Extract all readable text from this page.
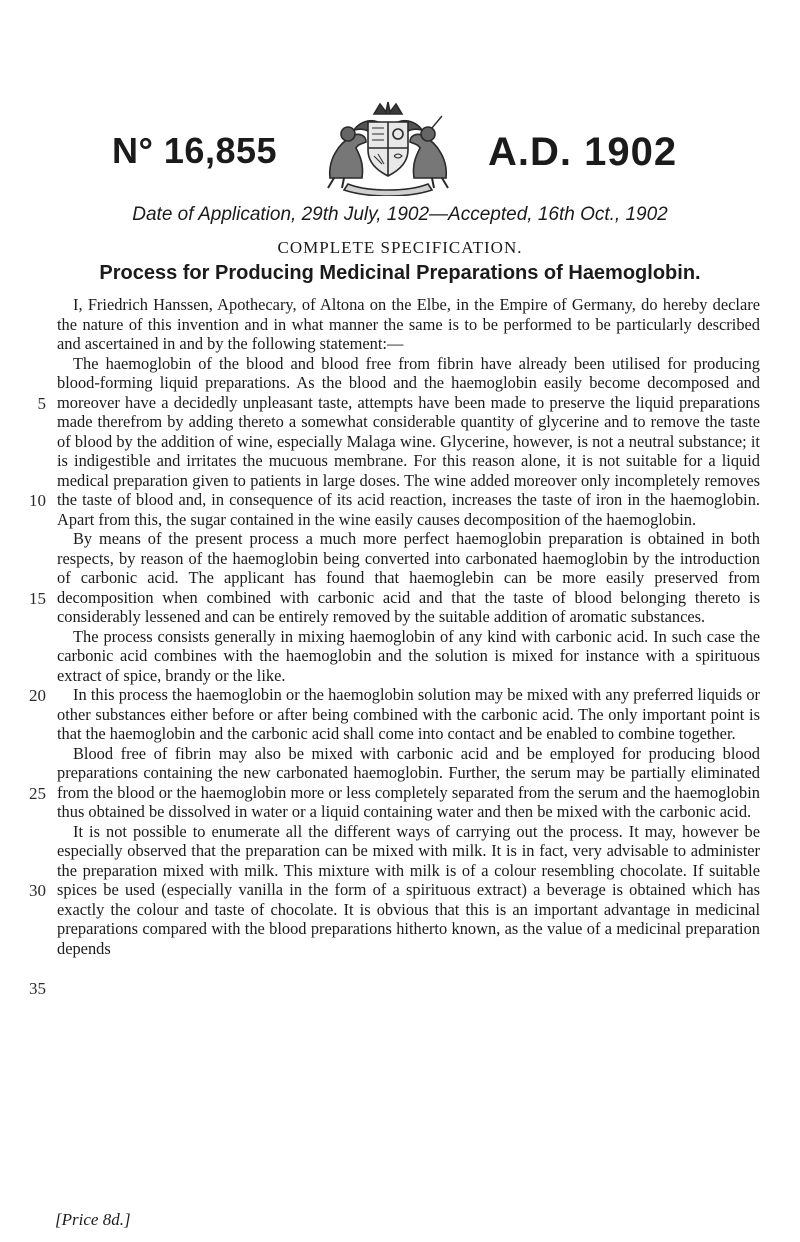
N° 16,855	A.D. 1902
Date of Application, 29th July, 1902—Accepted, 16th Oct., 1902
COMPLETE SPECIFICATION.
Process for Producing Medicinal Preparations of Haemoglobin.
5
10
15
20
25
30
35

I, Friedrich Hanssen, Apothecary, of Altona on the Elbe, in the Empire of Germany, do hereby declare the nature of this invention and in what manner the same is to be performed to be particularly described and ascertained in and by the following statement:—

The haemoglobin of the blood and blood free from fibrin have already been utilised for producing blood-forming liquid preparations. As the blood and the haemoglobin easily become decomposed and moreover have a decidedly unpleasant taste, attempts have been made to preserve the liquid preparations made therefrom by adding thereto a somewhat considerable quantity of glycerine and to remove the taste of blood by the addition of wine, especially Malaga wine. Glycerine, however, is not a neutral substance; it is indigestible and irritates the mucuous membrane. For this reason alone, it is not suitable for a liquid medical preparation given to patients in large doses. The wine added moreover only incompletely removes the taste of blood and, in consequence of its acid reaction, increases the taste of iron in the haemoglobin. Apart from this, the sugar contained in the wine easily causes decomposition of the haemoglobin.

By means of the present process a much more perfect haemoglobin preparation is obtained in both respects, by reason of the haemoglobin being converted into carbonated haemoglobin by the introduction of carbonic acid. The applicant has found that haemoglebin can be more easily preserved from decomposition when combined with carbonic acid and that the taste of blood belonging thereto is considerably lessened and can be entirely removed by the suitable addition of aromatic substances.

The process consists generally in mixing haemoglobin of any kind with carbonic acid. In such case the carbonic acid combines with the haemoglobin and the solution is mixed for instance with a spirituous extract of spice, brandy or the like.

In this process the haemoglobin or the haemoglobin solution may be mixed with any preferred liquids or other substances either before or after being combined with the carbonic acid. The only important point is that the haemoglobin and the carbonic acid shall come into contact and be enabled to combine together.

Blood free of fibrin may also be mixed with carbonic acid and be employed for producing blood preparations containing the new carbonated haemoglobin. Further, the serum may be partially eliminated from the blood or the haemoglobin more or less completely separated from the serum and the haemoglobin thus obtained be dissolved in water or a liquid containing water and then be mixed with the carbonic acid.

It is not possible to enumerate all the different ways of carrying out the process. It may, however be especially observed that the preparation can be mixed with milk. It is in fact, very advisable to administer the preparation mixed with milk. This mixture with milk is of a colour resembling chocolate. If suitable spices be used (especially vanilla in the form of a spirituous extract) a beverage is obtained which has exactly the colour and taste of chocolate. It is obvious that this is an important advantage in medicinal preparations compared with the blood preparations hitherto known, as the value of a medicinal preparation depends

[Price 8d.]
